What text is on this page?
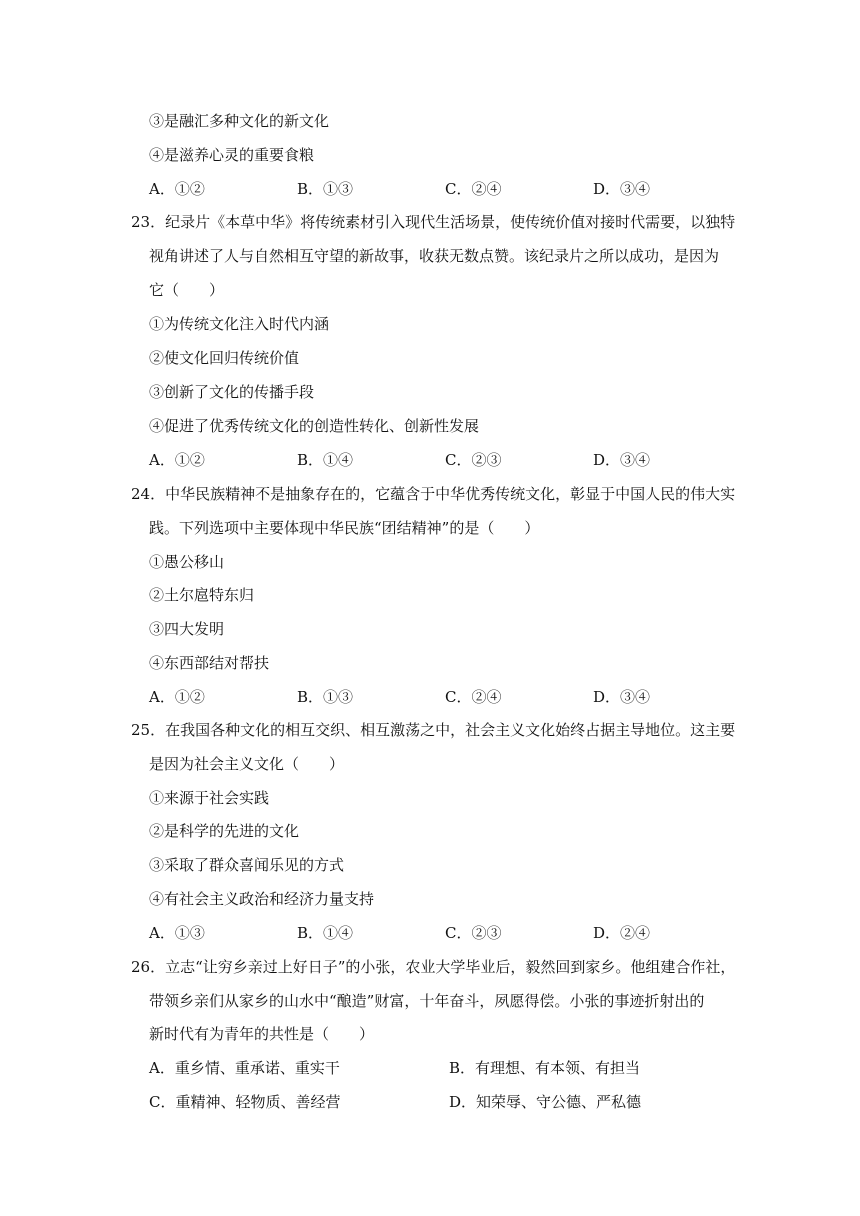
③是融汇多种文化的新文化
④是滋养心灵的重要食粮
A．①②	B．①③	C．②④	D．③④
23．纪录片《本草中华》将传统素材引入现代生活场景，使传统价值对接时代需要，以独特
视角讲述了人与自然相互守望的新故事，收获无数点赞。该纪录片之所以成功，是因为
它（　　）
①为传统文化注入时代内涵
②使文化回归传统价值
③创新了文化的传播手段
④促进了优秀传统文化的创造性转化、创新性发展
A．①②	B．①④	C．②③	D．③④
24．中华民族精神不是抽象存在的，它蕴含于中华优秀传统文化，彰显于中国人民的伟大实
践。下列选项中主要体现中华民族“团结精神”的是（　　）
①愚公移山
②土尔扈特东归
③四大发明
④东西部结对帮扶
A．①②	B．①③	C．②④	D．③④
25．在我国各种文化的相互交织、相互激荡之中，社会主义文化始终占据主导地位。这主要
是因为社会主义文化（　　）
①来源于社会实践
②是科学的先进的文化
③采取了群众喜闻乐见的方式
④有社会主义政治和经济力量支持
A．①③	B．①④	C．②③	D．②④
26．立志“让穷乡亲过上好日子”的小张，农业大学毕业后，毅然回到家乡。他组建合作社，
带领乡亲们从家乡的山水中“酿造”财富，十年奋斗，夙愿得偿。小张的事迹折射出的
新时代有为青年的共性是（　　）
A．重乡情、重承诺、重实干	B．有理想、有本领、有担当
C．重精神、轻物质、善经营	D．知荣辱、守公德、严私德
